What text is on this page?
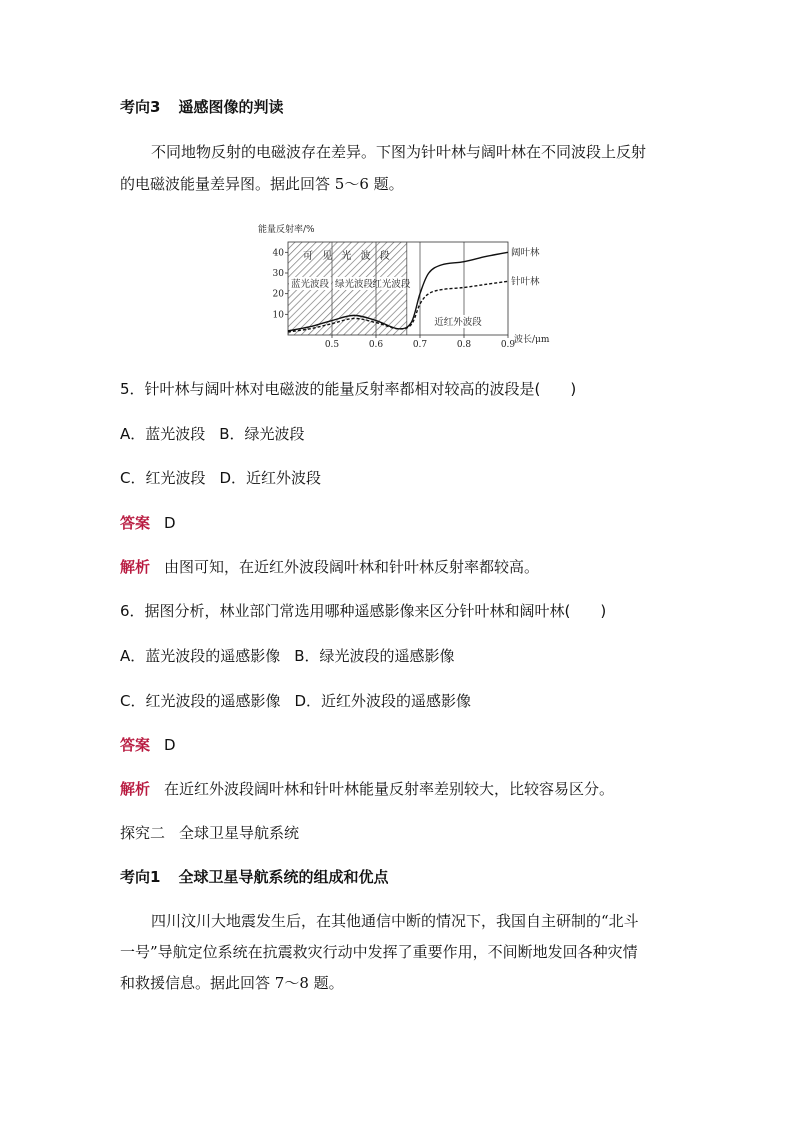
考向3 遥感图像的判读
不同地物反射的电磁波存在差异。下图为针叶林与阔叶林在不同波段上反射
的电磁波能量差异图。据此回答 5～6 题。
10
20
30
40
0.5	0.6	0.7	0.8	0.9
能量反射率/%
波长/μm
阔叶林
针叶林
可 见 光 波 段
蓝光波段 绿光波段 红光波段
近红外波段
5．针叶林与阔叶林对电磁波的能量反射率都相对较高的波段是(　　)
A．蓝光波段 B．绿光波段
C．红光波段 D．近红外波段
答案 D
解析 由图可知，在近红外波段阔叶林和针叶林反射率都较高。
6．据图分析，林业部门常选用哪种遥感影像来区分针叶林和阔叶林(　　)
A．蓝光波段的遥感影像 B．绿光波段的遥感影像
C．红光波段的遥感影像 D．近红外波段的遥感影像
答案 D
解析 在近红外波段阔叶林和针叶林能量反射率差别较大，比较容易区分。
探究二 全球卫星导航系统
考向1 全球卫星导航系统的组成和优点
四川汶川大地震发生后，在其他通信中断的情况下，我国自主研制的“北斗
一号”导航定位系统在抗震救灾行动中发挥了重要作用，不间断地发回各种灾情
和救援信息。据此回答 7～8 题。
